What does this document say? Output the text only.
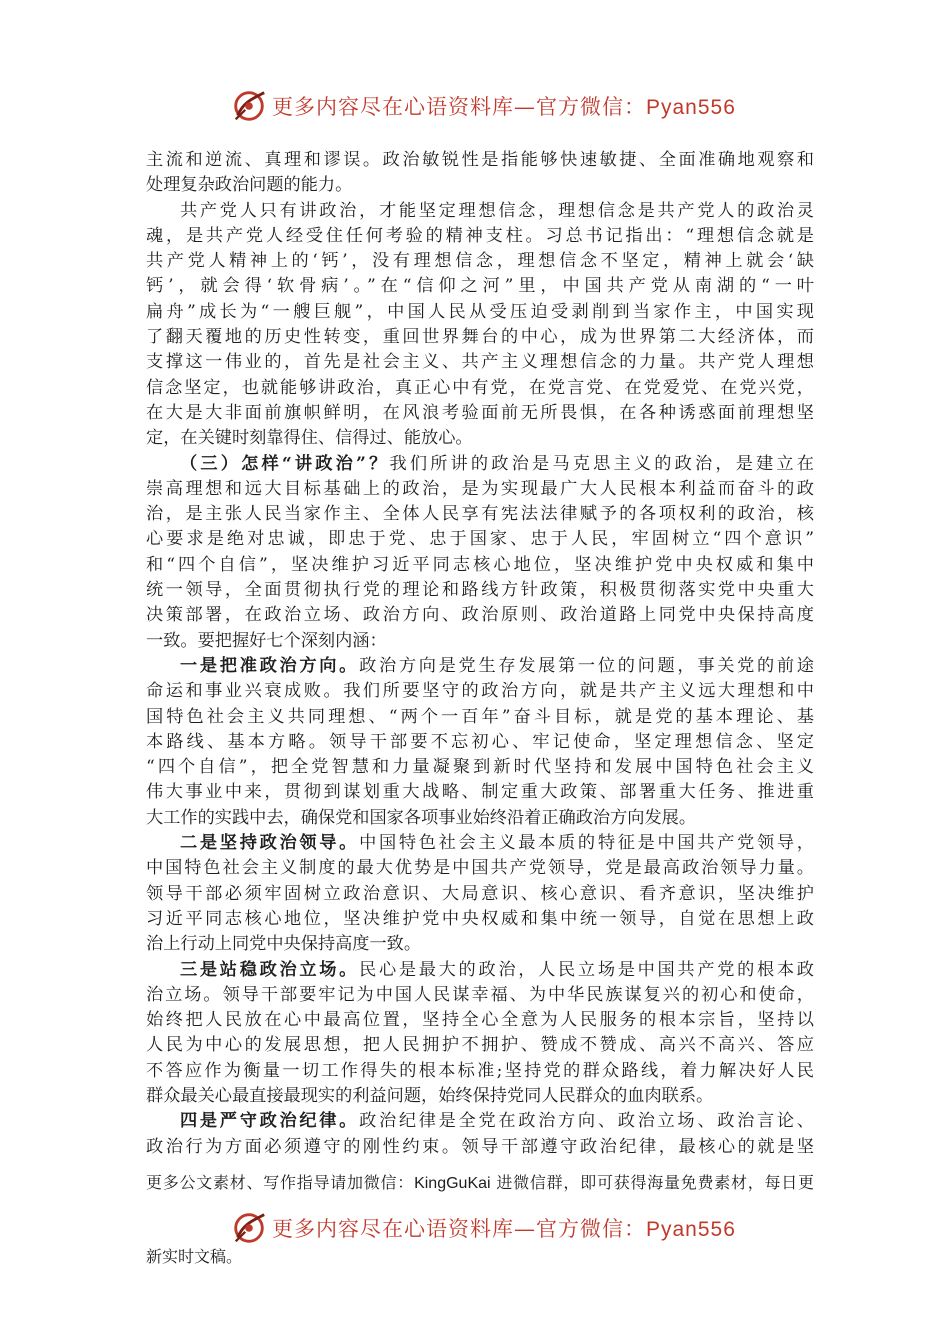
更多内容尽在心语资料库—官方微信：Pyan556
主流和逆流、真理和谬误。政治敏锐性是指能够快速敏捷、全面准确地观察和
处理复杂政治问题的能力。
共产党人只有讲政治，才能坚定理想信念，理想信念是共产党人的政治灵
魂，是共产党人经受住任何考验的精神支柱。习总书记指出：“理想信念就是
共产党人精神上的‘钙’，没有理想信念，理想信念不坚定，精神上就会‘缺
钙’，就会得‘软骨病’。”在“信仰之河”里，中国共产党从南湖的“一叶
扁舟”成长为“一艘巨舰”，中国人民从受压迫受剥削到当家作主，中国实现
了翻天覆地的历史性转变，重回世界舞台的中心，成为世界第二大经济体，而
支撑这一伟业的，首先是社会主义、共产主义理想信念的力量。共产党人理想
信念坚定，也就能够讲政治，真正心中有党，在党言党、在党爱党、在党兴党，
在大是大非面前旗帜鲜明，在风浪考验面前无所畏惧，在各种诱惑面前理想坚
定，在关键时刻靠得住、信得过、能放心。
（三）怎样“讲政治”？我们所讲的政治是马克思主义的政治，是建立在
崇高理想和远大目标基础上的政治，是为实现最广大人民根本利益而奋斗的政
治，是主张人民当家作主、全体人民享有宪法法律赋予的各项权利的政治，核
心要求是绝对忠诚，即忠于党、忠于国家、忠于人民，牢固树立“四个意识”
和“四个自信”，坚决维护习近平同志核心地位，坚决维护党中央权威和集中
统一领导，全面贯彻执行党的理论和路线方针政策，积极贯彻落实党中央重大
决策部署，在政治立场、政治方向、政治原则、政治道路上同党中央保持高度
一致。要把握好七个深刻内涵：
一是把准政治方向。政治方向是党生存发展第一位的问题，事关党的前途
命运和事业兴衰成败。我们所要坚守的政治方向，就是共产主义远大理想和中
国特色社会主义共同理想、“两个一百年”奋斗目标，就是党的基本理论、基
本路线、基本方略。领导干部要不忘初心、牢记使命，坚定理想信念、坚定
“四个自信”，把全党智慧和力量凝聚到新时代坚持和发展中国特色社会主义
伟大事业中来，贯彻到谋划重大战略、制定重大政策、部署重大任务、推进重
大工作的实践中去，确保党和国家各项事业始终沿着正确政治方向发展。
二是坚持政治领导。中国特色社会主义最本质的特征是中国共产党领导，
中国特色社会主义制度的最大优势是中国共产党领导，党是最高政治领导力量。
领导干部必须牢固树立政治意识、大局意识、核心意识、看齐意识，坚决维护
习近平同志核心地位，坚决维护党中央权威和集中统一领导，自觉在思想上政
治上行动上同党中央保持高度一致。
三是站稳政治立场。民心是最大的政治，人民立场是中国共产党的根本政
治立场。领导干部要牢记为中国人民谋幸福、为中华民族谋复兴的初心和使命，
始终把人民放在心中最高位置，坚持全心全意为人民服务的根本宗旨，坚持以
人民为中心的发展思想，把人民拥护不拥护、赞成不赞成、高兴不高兴、答应
不答应作为衡量一切工作得失的根本标准;坚持党的群众路线，着力解决好人民
群众最关心最直接最现实的利益问题，始终保持党同人民群众的血肉联系。
四是严守政治纪律。政治纪律是全党在政治方向、政治立场、政治言论、
政治行为方面必须遵守的刚性约束。领导干部遵守政治纪律，最核心的就是坚
更多公文素材、写作指导请加微信：KingGuKai 进微信群，即可获得海量免费素材，每日更
更多内容尽在心语资料库—官方微信：Pyan556
新实时文稿。
